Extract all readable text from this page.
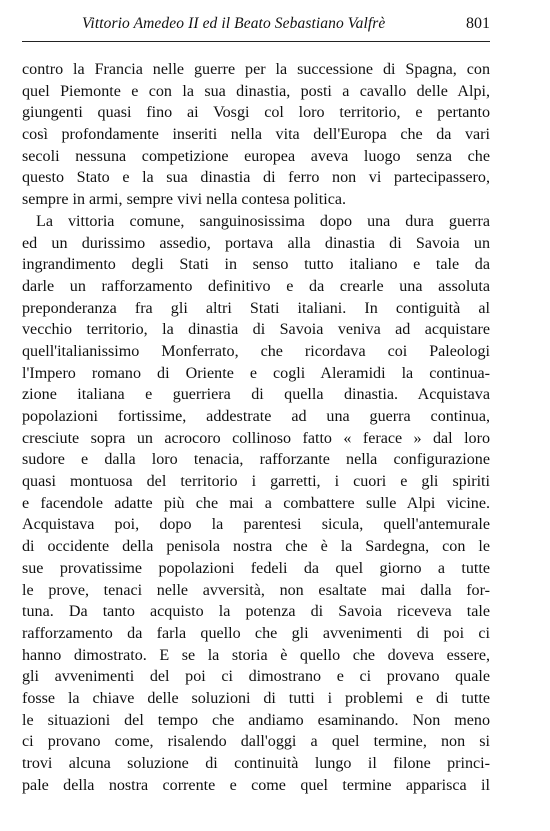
Vittorio Amedeo II ed il Beato Sebastiano Valfrè	801
contro la Francia nelle guerre per la successione di Spagna, con
quel Piemonte e con la sua dinastia, posti a cavallo delle Alpi,
giungenti quasi fino ai Vosgi col loro territorio, e pertanto
così profondamente inseriti nella vita dell'Europa che da vari
secoli nessuna competizione europea aveva luogo senza che
questo Stato e la sua dinastia di ferro non vi partecipassero,
sempre in armi, sempre vivi nella contesa politica.
La vittoria comune, sanguinosissima dopo una dura guerra
ed un durissimo assedio, portava alla dinastia di Savoia un
ingrandimento degli Stati in senso tutto italiano e tale da
darle un rafforzamento definitivo e da crearle una assoluta
preponderanza fra gli altri Stati italiani. In contiguità al
vecchio territorio, la dinastia di Savoia veniva ad acquistare
quell'italianissimo Monferrato, che ricordava coi Paleologi
l'Impero romano di Oriente e cogli Aleramidi la continua-
zione italiana e guerriera di quella dinastia. Acquistava
popolazioni fortissime, addestrate ad una guerra continua,
cresciute sopra un acrocoro collinoso fatto « ferace » dal loro
sudore e dalla loro tenacia, rafforzante nella configurazione
quasi montuosa del territorio i garretti, i cuori e gli spiriti
e facendole adatte più che mai a combattere sulle Alpi vicine.
Acquistava poi, dopo la parentesi sicula, quell'antemurale
di occidente della penisola nostra che è la Sardegna, con le
sue provatissime popolazioni fedeli da quel giorno a tutte
le prove, tenaci nelle avversità, non esaltate mai dalla for-
tuna. Da tanto acquisto la potenza di Savoia riceveva tale
rafforzamento da farla quello che gli avvenimenti di poi ci
hanno dimostrato. E se la storia è quello che doveva essere,
gli avvenimenti del poi ci dimostrano e ci provano quale
fosse la chiave delle soluzioni di tutti i problemi e di tutte
le situazioni del tempo che andiamo esaminando. Non meno
ci provano come, risalendo dall'oggi a quel termine, non si
trovi alcuna soluzione di continuità lungo il filone princi-
pale della nostra corrente e come quel termine apparisca il
